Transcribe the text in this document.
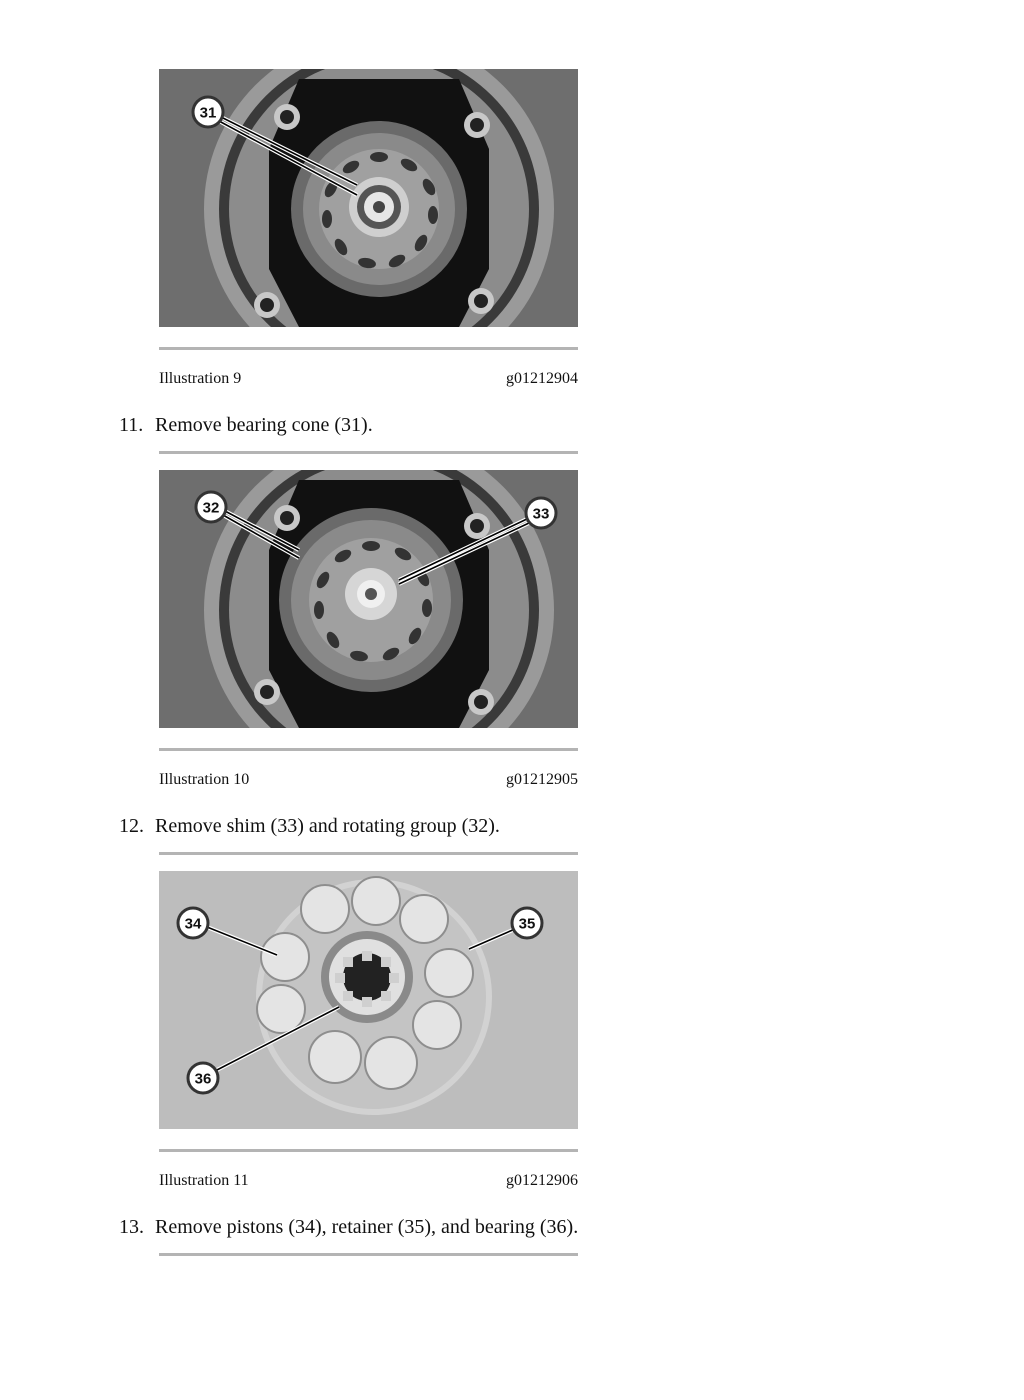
31
Illustration 9	g01212904
11. Remove bearing cone (31).
32	33
Illustration 10	g01212905
12. Remove shim (33) and rotating group (32).
34	35
36
Illustration 11	g01212906
13. Remove pistons (34), retainer (35), and bearing (36).
